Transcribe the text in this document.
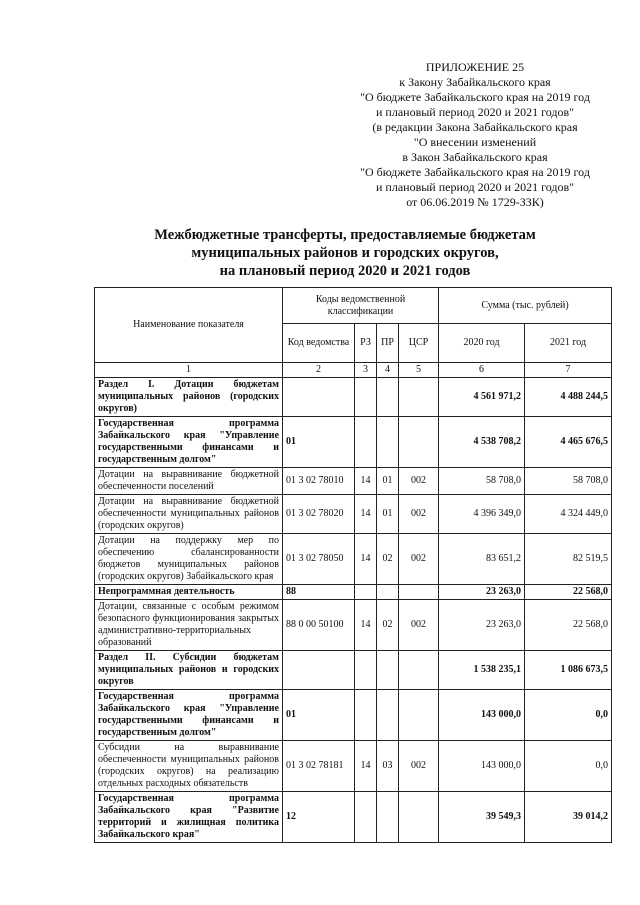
ПРИЛОЖЕНИЕ 25
к Закону Забайкальского края
"О бюджете Забайкальского края на 2019 год
и плановый период 2020 и 2021 годов"
(в редакции Закона Забайкальского края
"О внесении изменений
в Закон Забайкальского края
"О бюджете Забайкальского края на 2019 год
и плановый период 2020 и 2021 годов"
от 06.06.2019 № 1729-ЗЗК)
Межбюджетные трансферты, предоставляемые бюджетам
муниципальных районов и городских округов,
на плановый период 2020 и 2021 годов
Наименование показателя	Коды ведомственной классификации				Сумма (тыс. рублей)	
	Код ведомства	РЗ	ПР	ЦСР	2020 год	2021 год
1	2	3	4	5	6	7
Раздел I. Дотации бюджетам муниципальных районов (городских округов)					4 561 971,2	4 488 244,5
Государственная программа Забайкальского края "Управление государственными финансами и государственным долгом"	01				4 538 708,2	4 465 676,5
Дотации на выравнивание бюджетной обеспеченности поселений	01 3 02 78010	14	01	002	58 708,0	58 708,0
Дотации на выравнивание бюджетной обеспеченности муниципальных районов (городских округов)	01 3 02 78020	14	01	002	4 396 349,0	4 324 449,0
Дотации на поддержку мер по обеспечению сбалансированности бюджетов муниципальных районов (городских округов) Забайкальского края	01 3 02 78050	14	02	002	83 651,2	82 519,5
Непрограммная деятельность	88				23 263,0	22 568,0
Дотации, связанные с особым режимом безопасного функционирования закрытых административно-территориальных образований	88 0 00 50100	14	02	002	23 263,0	22 568,0
Раздел II. Субсидии бюджетам муниципальных районов и городских округов					1 538 235,1	1 086 673,5
Государственная программа Забайкальского края "Управление государственными финансами и государственным долгом"	01				143 000,0	0,0
Субсидии на выравнивание обеспеченности муниципальных районов (городских округов) на реализацию отдельных расходных обязательств	01 3 02 78181	14	03	002	143 000,0	0,0
Государственная программа Забайкальского края "Развитие территорий и жилищная политика Забайкальского края"	12				39 549,3	39 014,2
